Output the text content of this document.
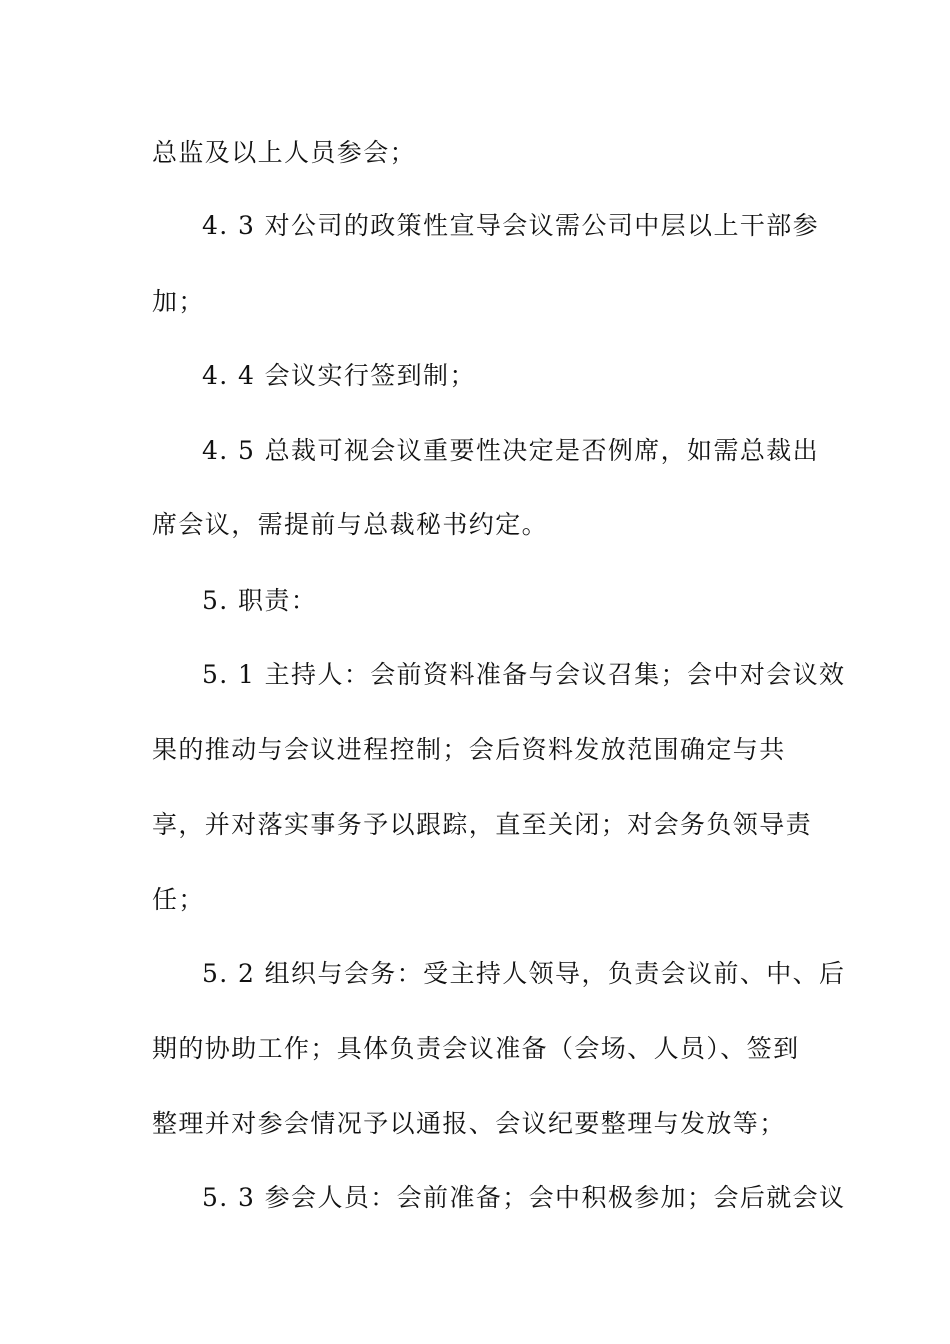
总监及以上人员参会；

4. 3 对公司的政策性宣导会议需公司中层以上干部参

加；

4. 4 会议实行签到制；

4. 5 总裁可视会议重要性决定是否例席，如需总裁出

席会议，需提前与总裁秘书约定。

5. 职责：

5. 1 主持人：会前资料准备与会议召集；会中对会议效

果的推动与会议进程控制；会后资料发放范围确定与共

享，并对落实事务予以跟踪，直至关闭；对会务负领导责

任；

5. 2 组织与会务：受主持人领导，负责会议前、中、后

期的协助工作；具体负责会议准备（会场、人员）、签到

整理并对参会情况予以通报、会议纪要整理与发放等；

5. 3 参会人员：会前准备；会中积极参加；会后就会议
